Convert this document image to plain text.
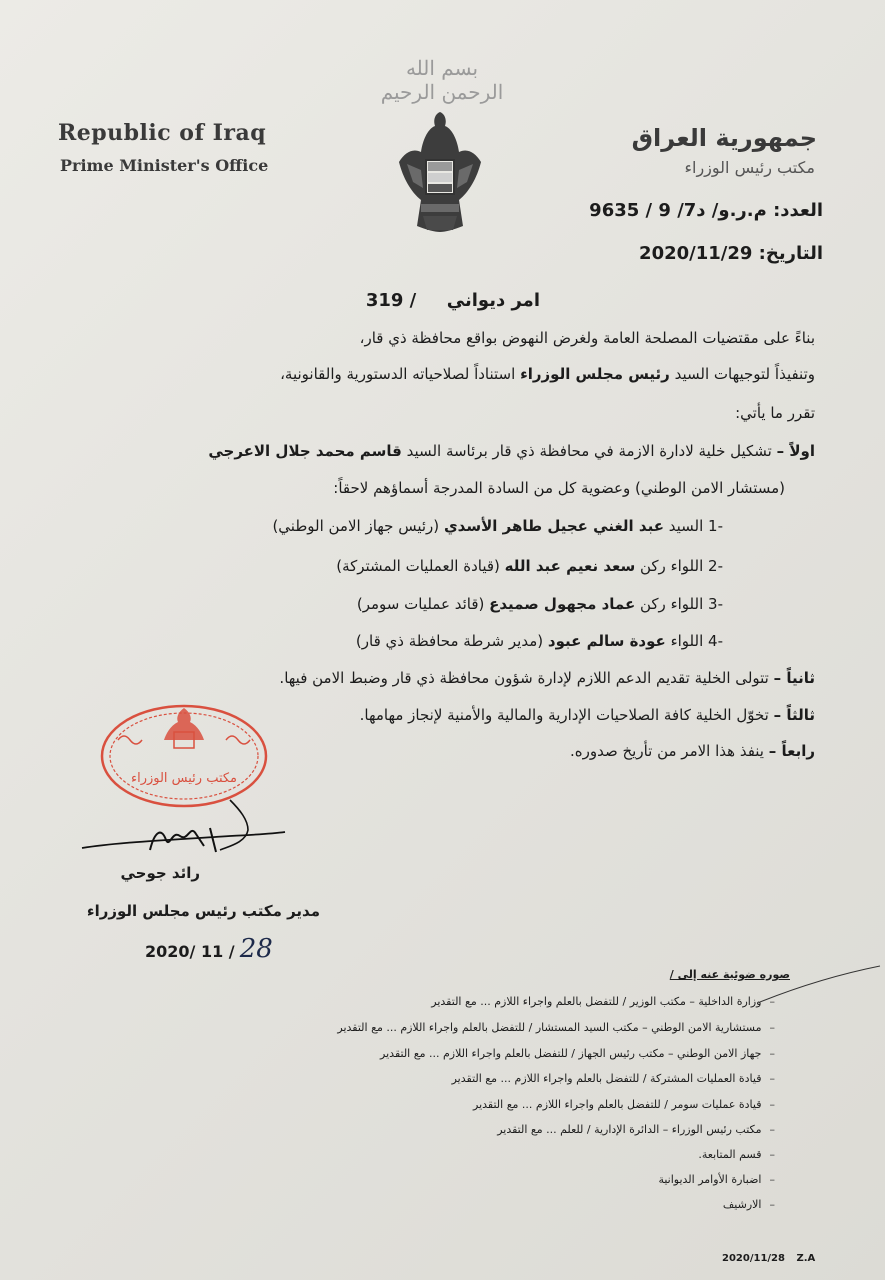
بسم الله الرحمن الرحيم
Republic of Iraq
Prime Minister's Office
جمهورية العراق
مكتب رئيس الوزراء
العدد: م.ر.و/ د7/ 9 / 9635
التاريخ: 2020/11/29
امر ديواني  / 319
بناءً على مقتضيات المصلحة العامة ولغرض النهوض بواقع محافظة ذي قار،
وتنفيذاً لتوجيهات السيد رئيس مجلس الوزراء استناداً لصلاحياته الدستورية والقانونية،
تقرر ما يأتي:
اولاً – تشكيل خلية لادارة الازمة في محافظة ذي قار برئاسة السيد قاسم محمد جلال الاعرجي
(مستشار الامن الوطني) وعضوية كل من السادة المدرجة أسماؤهم لاحقاً:
-1 السيد عبد الغني عجيل طاهر الأسدي (رئيس جهاز الامن الوطني)
-2 اللواء ركن سعد نعيم عبد الله (قيادة العمليات المشتركة)
-3 اللواء ركن عماد مجهول صميدع (قائد عمليات سومر)
-4 اللواء عودة سالم عبود (مدير شرطة محافظة ذي قار)
ثانياً – تتولى الخلية تقديم الدعم اللازم لإدارة شؤون محافظة ذي قار وضبط الامن فيها.
ثالثاً – تخوّل الخلية كافة الصلاحيات الإدارية والمالية والأمنية لإنجاز مهامها.
رابعاً – ينفذ هذا الامر من تأريخ صدوره.
مكتب رئيس الوزراء
رائد جوحي
مدير مكتب رئيس مجلس الوزراء
2020/ 11 / 28
صوره ضوئية عنه إلى /
–وزارة الداخلية – مكتب الوزير / للتفضل بالعلم واجراء اللازم ... مع التقدير
–مستشارية الامن الوطني – مكتب السيد المستشار / للتفضل بالعلم واجراء اللازم ... مع التقدير
–جهاز الامن الوطني – مكتب رئيس الجهاز / للتفضل بالعلم واجراء اللازم ... مع التقدير
–قيادة العمليات المشتركة / للتفضل بالعلم واجراء اللازم ... مع التقدير
–قيادة عمليات سومر / للتفضل بالعلم واجراء اللازم ... مع التقدير
–مكتب رئيس الوزراء – الدائرة الإدارية / للعلم ... مع التقدير
–قسم المتابعة.
–اضبارة الأوامر الديوانية
–الارشيف
2020/11/28 Z.A
